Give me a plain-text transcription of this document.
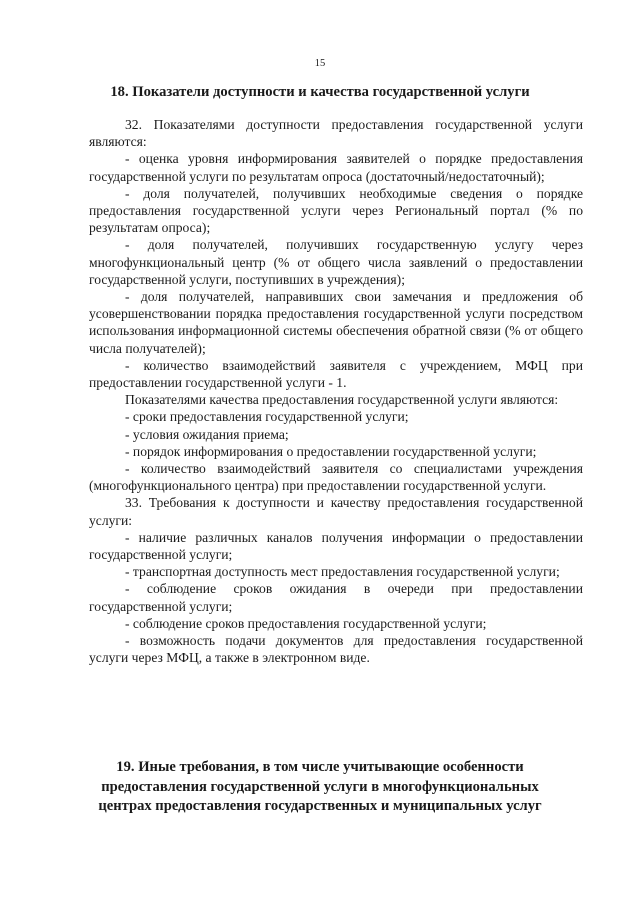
15
18. Показатели доступности и качества государственной услуги

32. Показателями доступности предоставления государственной услуги являются:

- оценка уровня информирования заявителей о порядке предоставления государственной услуги по результатам опроса (достаточный/недостаточный);

- доля получателей, получивших необходимые сведения о порядке предоставления государственной услуги через Региональный портал (% по результатам опроса);

- доля получателей, получивших государственную услугу через многофункциональный центр (% от общего числа заявлений о предоставлении государственной услуги, поступивших в учреждения);

- доля получателей, направивших свои замечания и предложения об усовершенствовании порядка предоставления государственной услуги посредством использования информационной системы обеспечения обратной связи (% от общего числа получателей);

- количество взаимодействий заявителя с учреждением, МФЦ при предоставлении государственной услуги - 1.

Показателями качества предоставления государственной услуги являются:

- сроки предоставления государственной услуги;

- условия ожидания приема;

- порядок информирования о предоставлении государственной услуги;

- количество взаимодействий заявителя со специалистами учреждения (многофункционального центра) при предоставлении государственной услуги.

33. Требования к доступности и качеству предоставления государственной услуги:

- наличие различных каналов получения информации о предоставлении государственной услуги;

- транспортная доступность мест предоставления государственной услуги;

- соблюдение сроков ожидания в очереди при предоставлении государственной услуги;

- соблюдение сроков предоставления государственной услуги;

- возможность подачи документов для предоставления государственной услуги через МФЦ, а также в электронном виде.

19. Иные требования, в том числе учитывающие особенности
предоставления государственной услуги в многофункциональных
центрах предоставления государственных и муниципальных услуг
